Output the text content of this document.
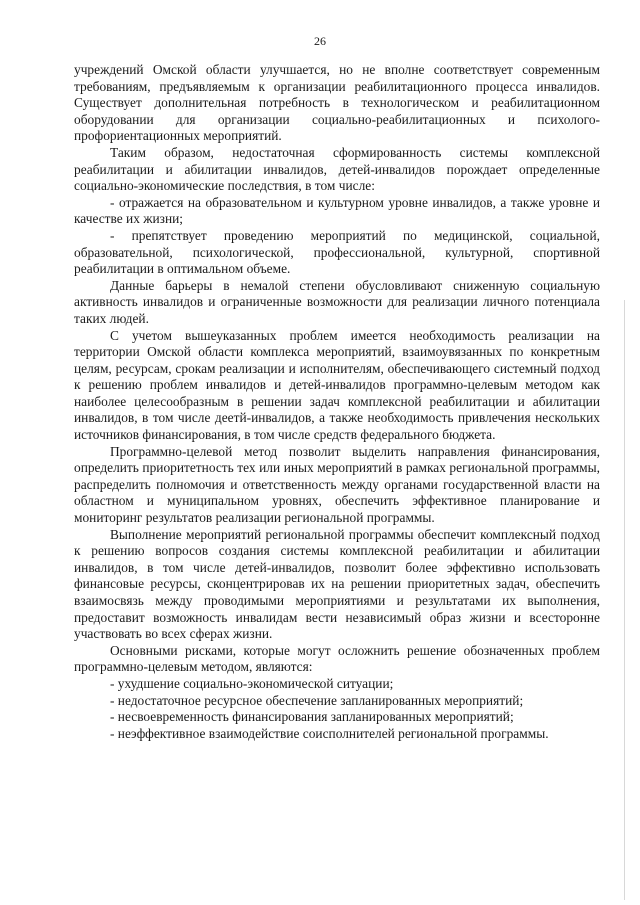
26

учреждений Омской области улучшается, но не вполне соответствует современным требованиям, предъявляемым к организации реабилитационного процесса инвалидов. Существует дополнительная потребность в технологическом и реабилитационном оборудовании для организации социально-реабилитационных и психолого-профориентационных мероприятий.

Таким образом, недостаточная сформированность системы комплексной реабилитации и абилитации инвалидов, детей-инвалидов порождает определенные социально-экономические последствия, в том числе:

- отражается на образовательном и культурном уровне инвалидов, а также уровне и качестве их жизни;

- препятствует проведению мероприятий по медицинской, социальной, образовательной, психологической, профессиональной, культурной, спортивной реабилитации в оптимальном объеме.

Данные барьеры в немалой степени обусловливают сниженную социальную активность инвалидов и ограниченные возможности для реализации личного потенциала таких людей.

С учетом вышеуказанных проблем имеется необходимость реализации на территории Омской области комплекса мероприятий, взаимоувязанных по конкретным целям, ресурсам, срокам реализации и исполнителям, обеспечивающего системный подход к решению проблем инвалидов и детей-инвалидов программно-целевым методом как наиболее целесообразным в решении задач комплексной реабилитации и абилитации инвалидов, в том числе деетй-инвалидов, а также необходимость привлечения нескольких источников финансирования, в том числе средств федерального бюджета.

Программно-целевой метод позволит выделить направления финансирования, определить приоритетность тех или иных мероприятий в рамках региональной программы, распределить полномочия и ответственность между органами государственной власти на областном и муниципальном уровнях, обеспечить эффективное планирование и мониторинг результатов реализации региональной программы.

Выполнение мероприятий региональной программы обеспечит комплексный подход к решению вопросов создания системы комплексной реабилитации и абилитации инвалидов, в том числе детей-инвалидов, позволит более эффективно использовать финансовые ресурсы, сконцентрировав их на решении приоритетных задач, обеспечить взаимосвязь между проводимыми мероприятиями и результатами их выполнения, предоставит возможность инвалидам вести независимый образ жизни и всесторонне участвовать во всех сферах жизни.

Основными рисками, которые могут осложнить решение обозначенных проблем программно-целевым методом, являются:

- ухудшение социально-экономической ситуации;

- недостаточное ресурсное обеспечение запланированных мероприятий;

- несвоевременность финансирования запланированных мероприятий;

- неэффективное взаимодействие соисполнителей региональной программы.
